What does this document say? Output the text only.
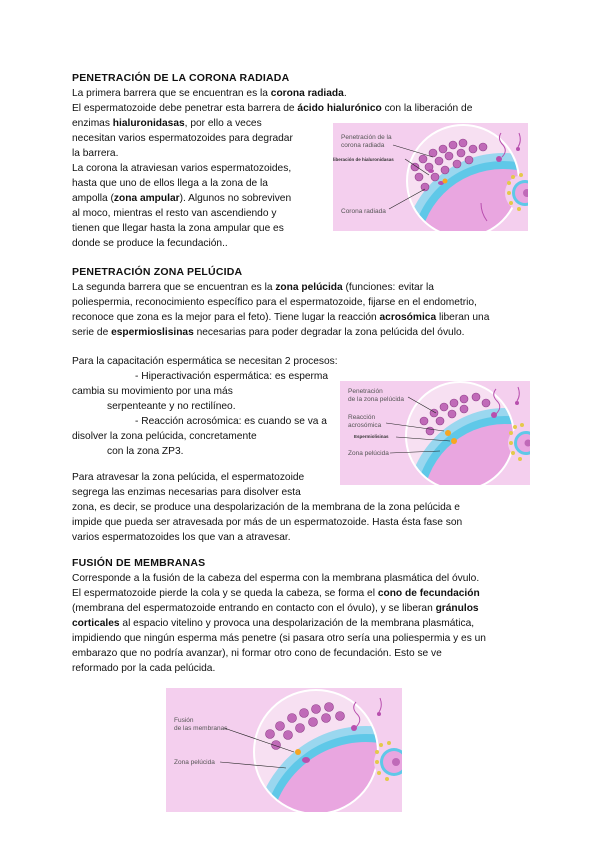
PENETRACIÓN DE LA CORONA RADIADA

La primera barrera que se encuentran es la corona radiada.

El espermatozoide debe penetrar esta barrera de ácido hialurónico con la liberación de

enzimas hialuronidasas, por ello a veces

necesitan varios espermatozoides para degradar

la barrera.

La corona la atraviesan varios espermatozoides,

hasta que uno de ellos llega a la zona de la

ampolla (zona ampular). Algunos no sobreviven

al moco, mientras el resto van ascendiendo y

tienen que llegar hasta la zona ampular que es

donde se produce la fecundación..

Penetración de la
corona radiada
liberación de hialuronidasas
Corona radiada

PENETRACIÓN ZONA PELÚCIDA

La segunda barrera que se encuentran es la zona pelúcida (funciones: evitar la

poliespermia, reconocimiento específico para el espermatozoide, fijarse en el endometrio,

reconoce que zona es la mejor para el feto). Tiene lugar la reacción acrosómica liberan una

serie de espermioslisinas necesarias para poder degradar la zona pelúcida del óvulo.

Para la capacitación espermática se necesitan 2 procesos:

- Hiperactivación espermática: es esperma

cambia su movimiento por una más

serpenteante y no rectilíneo.

- Reacción acrosómica: es cuando se va a

disolver la zona pelúcida, concretamente

con la zona ZP3.

Para atravesar la zona pelúcida, el espermatozoide

segrega las enzimas necesarias para disolver esta

zona, es decir, se produce una despolarización de la membrana de la zona pelúcida e

impide que pueda ser atravesada por más de un espermatozoide. Hasta ésta fase son

varios espermatozoides los que van a atravesar.

Penetración
de la zona pelúcida
Reacción
acrosómica
Espermiolisinas
Zona pelúcida

FUSIÓN DE MEMBRANAS

Corresponde a la fusión de la cabeza del esperma con la membrana plasmática del óvulo.

El espermatozoide pierde la cola y se queda la cabeza, se forma el cono de fecundación

(membrana del espermatozoide entrando en contacto con el óvulo), y se liberan gránulos

corticales al espacio vitelino y provoca una despolarización de la membrana plasmática,

impidiendo que ningún esperma más penetre (si pasara otro sería una poliespermia y es un

embarazo que no podría avanzar), ni formar otro cono de fecundación. Esto se ve

reformado por la cada pelúcida.

Fusión
de las membranas
Zona pelúcida
